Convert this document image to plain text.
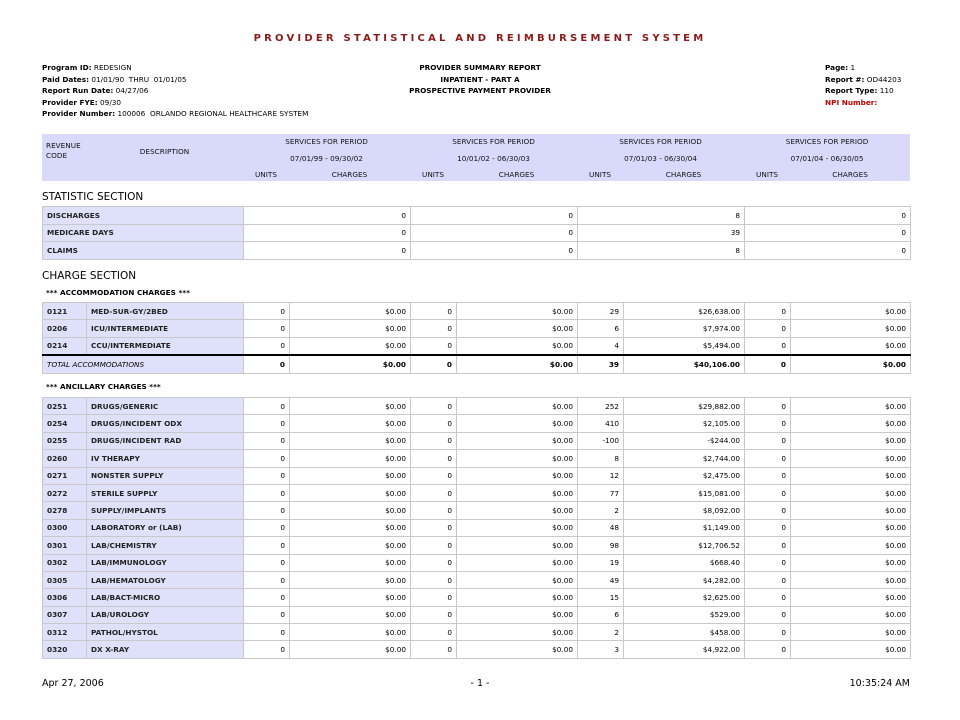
PROVIDER STATISTICAL AND REIMBURSEMENT SYSTEM
Program ID: REDESIGN
Paid Dates: 01/01/90  THRU  01/01/05
Report Run Date: 04/27/06
Provider FYE: 09/30
Provider Number: 100006  ORLANDO REGIONAL HEALTHCARE SYSTEM
PROVIDER SUMMARY REPORT
INPATIENT - PART A
PROSPECTIVE PAYMENT PROVIDER
Page: 1
Report #: OD44203
Report Type: 110
NPI Number:
REVENUE CODE	DESCRIPTION	SERVICES FOR PERIOD		SERVICES FOR PERIOD		SERVICES FOR PERIOD		SERVICES FOR PERIOD	
		07/01/99 - 09/30/02		10/01/02 - 06/30/03		07/01/03 - 06/30/04		07/01/04 - 06/30/05	
		UNITS	CHARGES	UNITS	CHARGES	UNITS	CHARGES	UNITS	CHARGES
STATISTIC SECTION
DISCHARGES	0	0	8	0
MEDICARE DAYS	0	0	39	0
CLAIMS	0	0	8	0
CHARGE SECTION
*** ACCOMMODATION CHARGES ***
0121	MED-SUR-GY/2BED	0	$0.00	0	$0.00	29	$26,638.00	0	$0.00
0206	ICU/INTERMEDIATE	0	$0.00	0	$0.00	6	$7,974.00	0	$0.00
0214	CCU/INTERMEDIATE	0	$0.00	0	$0.00	4	$5,494.00	0	$0.00
TOTAL ACCOMMODATIONS		0	$0.00	0	$0.00	39	$40,106.00	0	$0.00
*** ANCILLARY CHARGES ***
0251	DRUGS/GENERIC	0	$0.00	0	$0.00	252	$29,882.00	0	$0.00
0254	DRUGS/INCIDENT ODX	0	$0.00	0	$0.00	410	$2,105.00	0	$0.00
0255	DRUGS/INCIDENT RAD	0	$0.00	0	$0.00	-100	-$244.00	0	$0.00
0260	IV THERAPY	0	$0.00	0	$0.00	8	$2,744.00	0	$0.00
0271	NONSTER SUPPLY	0	$0.00	0	$0.00	12	$2,475.00	0	$0.00
0272	STERILE SUPPLY	0	$0.00	0	$0.00	77	$15,081.00	0	$0.00
0278	SUPPLY/IMPLANTS	0	$0.00	0	$0.00	2	$8,092.00	0	$0.00
0300	LABORATORY or (LAB)	0	$0.00	0	$0.00	48	$1,149.00	0	$0.00
0301	LAB/CHEMISTRY	0	$0.00	0	$0.00	98	$12,706.52	0	$0.00
0302	LAB/IMMUNOLOGY	0	$0.00	0	$0.00	19	$668.40	0	$0.00
0305	LAB/HEMATOLOGY	0	$0.00	0	$0.00	49	$4,282.00	0	$0.00
0306	LAB/BACT-MICRO	0	$0.00	0	$0.00	15	$2,625.00	0	$0.00
0307	LAB/UROLOGY	0	$0.00	0	$0.00	6	$529.00	0	$0.00
0312	PATHOL/HYSTOL	0	$0.00	0	$0.00	2	$458.00	0	$0.00
0320	DX X-RAY	0	$0.00	0	$0.00	3	$4,922.00	0	$0.00
Apr 27, 2006	- 1 -	10:35:24 AM
